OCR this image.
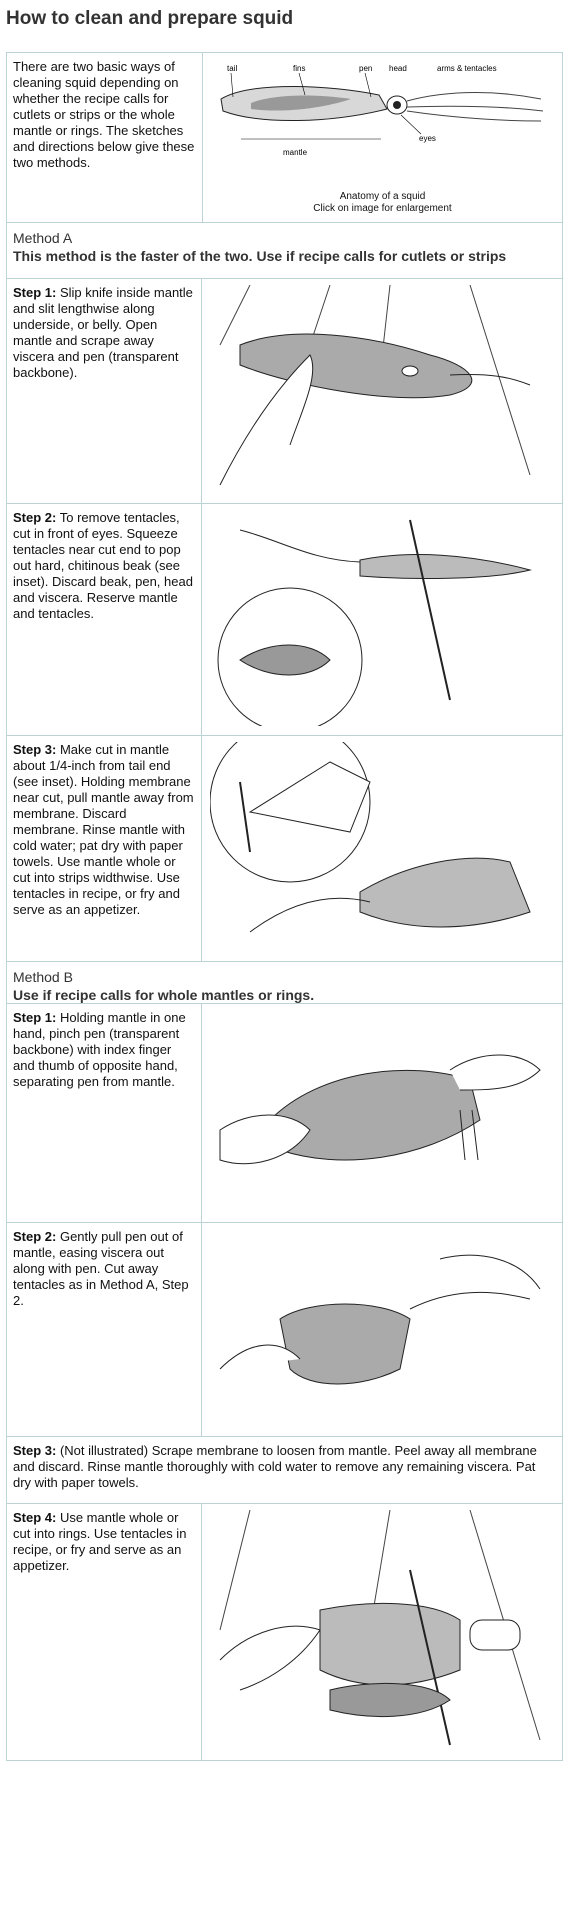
How to clean and prepare squid
There are two basic ways of cleaning squid depending on whether the recipe calls for cutlets or strips or the whole mantle or rings. The sketches and directions below give these two methods.
tail	fins	pen head	arms & tentacles
eyes
mantle
Anatomy of a squid
Click on image for enlargement
Method A
This method is the faster of the two. Use if recipe calls for cutlets or strips
Step 1: Slip knife inside mantle and slit lengthwise along underside, or belly. Open mantle and scrape away viscera and pen (transparent backbone).
Step 2: To remove tentacles, cut in front of eyes. Squeeze tentacles near cut end to pop out hard, chitinous beak (see inset). Discard beak, pen, head and viscera. Reserve mantle and tentacles.
Step 3: Make cut in mantle about 1/4-inch from tail end (see inset). Holding membrane near cut, pull mantle away from membrane. Discard membrane. Rinse mantle with cold water; pat dry with paper towels. Use mantle whole or cut into strips widthwise. Use tentacles in recipe, or fry and serve as an appetizer.
Method B
Use if recipe calls for whole mantles or rings.
Step 1: Holding mantle in one hand, pinch pen (transparent backbone) with index finger and thumb of opposite hand, separating pen from mantle.
Step 2: Gently pull pen out of mantle, easing viscera out along with pen. Cut away tentacles as in Method A, Step 2.
Step 3: (Not illustrated) Scrape membrane to loosen from mantle. Peel away all membrane and discard. Rinse mantle thoroughly with cold water to remove any remaining viscera. Pat dry with paper towels.
Step 4: Use mantle whole or cut into rings. Use tentacles in recipe, or fry and serve as an appetizer.
